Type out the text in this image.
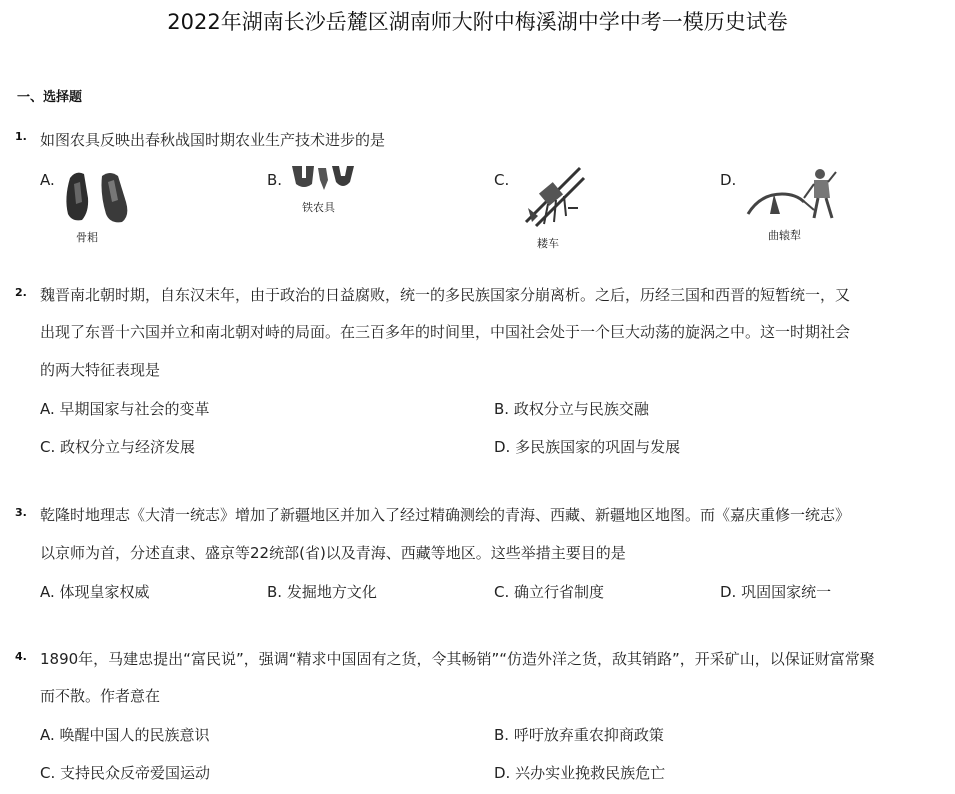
2022年湖南长沙岳麓区湖南师大附中梅溪湖中学中考一模历史试卷
一、选择题
1. 如图农具反映出春秋战国时期农业生产技术进步的是
A.
骨耜
B.
铁农具
C.
耧车
D.
曲辕犁
2. 魏晋南北朝时期，自东汉末年，由于政治的日益腐败，统一的多民族国家分崩离析。之后，历经三国和西晋的短暂统一，又
出现了东晋十六国并立和南北朝对峙的局面。在三百多年的时间里，中国社会处于一个巨大动荡的旋涡之中。这一时期社会
的两大特征表现是
A. 早期国家与社会的变革	B. 政权分立与民族交融
C. 政权分立与经济发展	D. 多民族国家的巩固与发展
3. 乾隆时地理志《大清一统志》增加了新疆地区并加入了经过精确测绘的青海、西藏、新疆地区地图。而《嘉庆重修一统志》
以京师为首，分述直隶、盛京等22统部(省)以及青海、西藏等地区。这些举措主要目的是
A. 体现皇家权威	B. 发掘地方文化	C. 确立行省制度	D. 巩固国家统一
4. 1890年，马建忠提出“富民说”，强调“精求中国固有之货，令其畅销”“仿造外洋之货，敌其销路”，开采矿山，以保证财富常聚
而不散。作者意在
A. 唤醒中国人的民族意识	B. 呼吁放弃重农抑商政策
C. 支持民众反帝爱国运动	D. 兴办实业挽救民族危亡
